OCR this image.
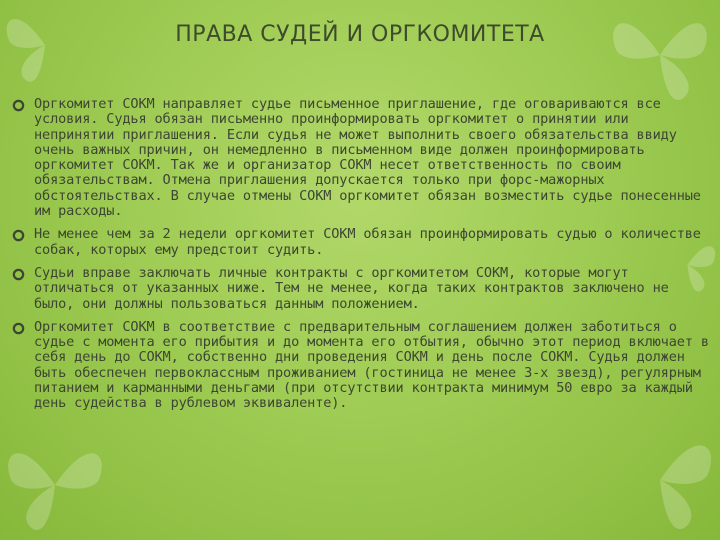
ПРАВА СУДЕЙ И ОРГКОМИТЕТА
Оргкомитет СОКМ направляет судье письменное приглашение, где оговариваются все условия. Судья обязан письменно проинформировать оргкомитет о принятии или непринятии приглашения. Если судья не может выполнить своего обязательства ввиду очень важных причин, он немедленно в письменном виде должен проинформировать оргкомитет СОКМ. Так же и организатор СОКМ несет ответственность по своим обязательствам. Отмена приглашения допускается только при форс-мажорных обстоятельствах. В случае отмены СОКМ оргкомитет обязан возместить судье понесенные им расходы.
Не менее чем за 2 недели оргкомитет СОКМ обязан проинформировать судью о количестве собак, которых ему предстоит судить.
Судьи вправе заключать личные контракты с оргкомитетом СОКМ, которые могут отличаться от указанных ниже. Тем не менее, когда таких контрактов заключено не было, они должны пользоваться данным положением.
Оргкомитет СОКМ в соответствие с предварительным соглашением должен заботиться о судье с момента его прибытия и до момента его отбытия, обычно этот период включает в себя день до СОКМ, собственно дни проведения СОКМ и день после СОКМ. Судья должен быть обеспечен первоклассным проживанием (гостиница не менее 3-х звезд), регулярным питанием и карманными деньгами (при отсутствии контракта минимум 50 евро за каждый день судейства в рублевом эквиваленте).
